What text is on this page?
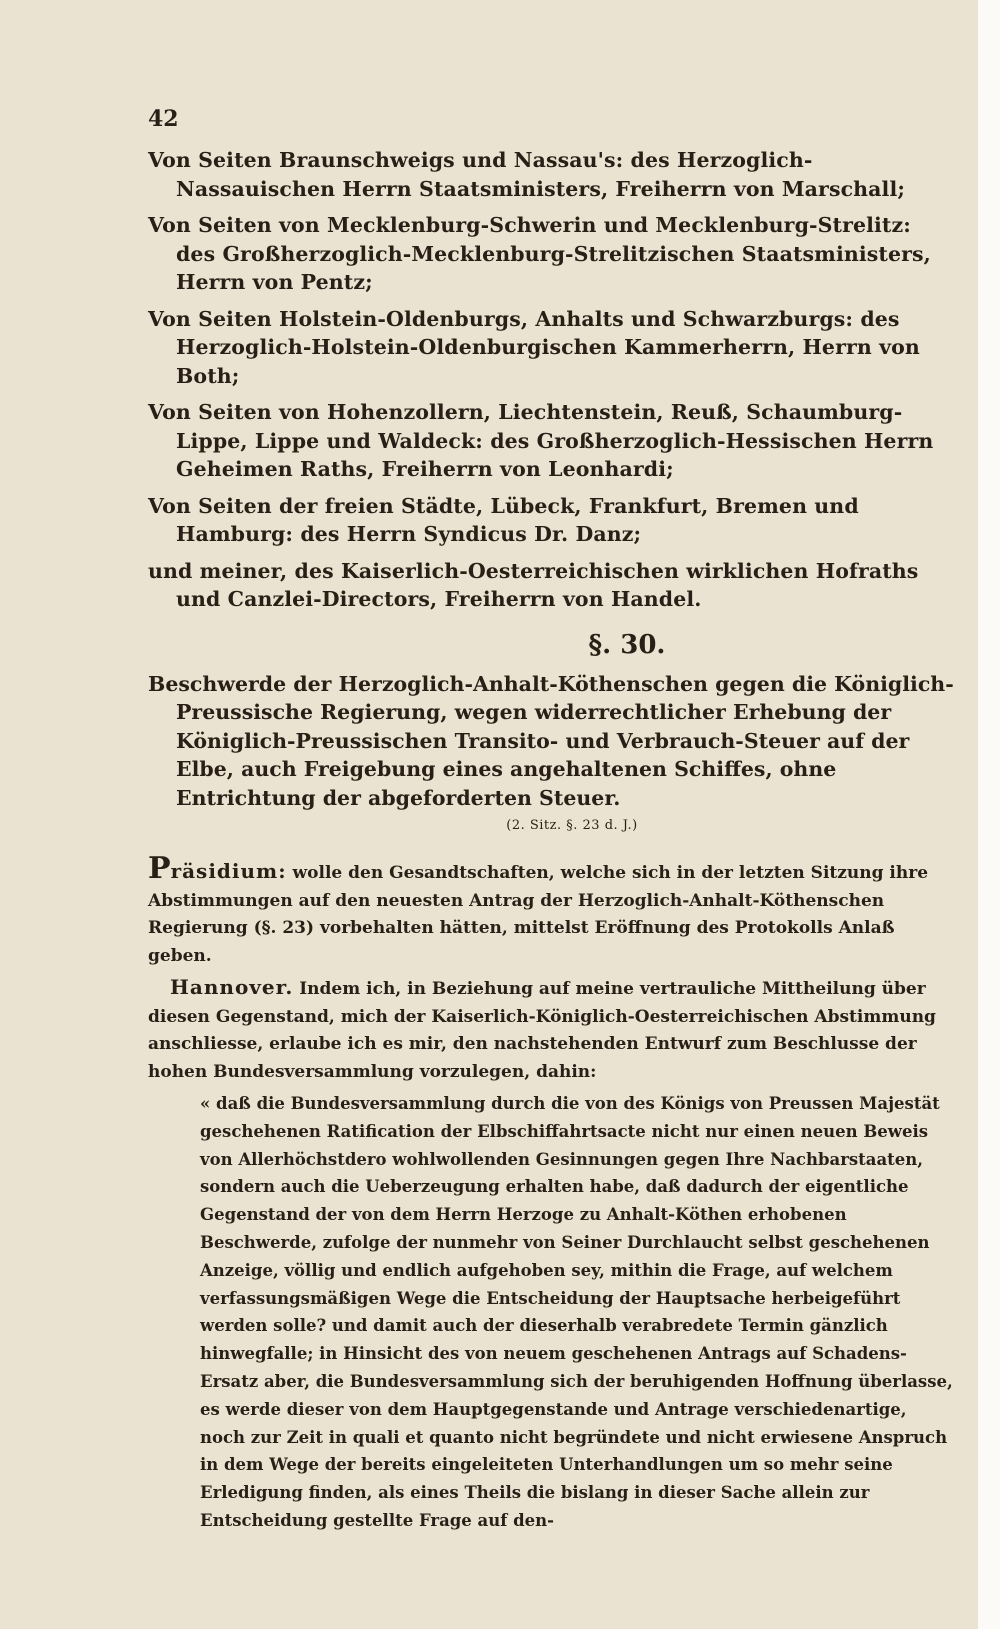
42

Von Seiten Braunschweigs und Nassau's: des Herzoglich-Nassauischen Herrn Staatsministers, Freiherrn von Marschall;

Von Seiten von Mecklenburg-Schwerin und Mecklenburg-Strelitz: des Großherzoglich-Mecklenburg-Strelitzischen Staatsministers, Herrn von Pentz;

Von Seiten Holstein-Oldenburgs, Anhalts und Schwarzburgs: des Herzoglich-Holstein-Oldenburgischen Kammerherrn, Herrn von Both;

Von Seiten von Hohenzollern, Liechtenstein, Reuß, Schaumburg-Lippe, Lippe und Waldeck: des Großherzoglich-Hessischen Herrn Geheimen Raths, Freiherrn von Leonhardi;

Von Seiten der freien Städte, Lübeck, Frankfurt, Bremen und Hamburg: des Herrn Syndicus Dr. Danz;

und meiner, des Kaiserlich-Oesterreichischen wirklichen Hofraths und Canzlei-Directors, Freiherrn von Handel.

§. 30.

Beschwerde der Herzoglich-Anhalt-Köthenschen gegen die Königlich-Preussische Regierung, wegen widerrechtlicher Erhebung der Königlich-Preussischen Transito- und Verbrauch-Steuer auf der Elbe, auch Freigebung eines angehaltenen Schiffes, ohne Entrichtung der abgeforderten Steuer.

(2. Sitz. §. 23 d. J.)

Präsidium: wolle den Gesandtschaften, welche sich in der letzten Sitzung ihre Abstimmungen auf den neuesten Antrag der Herzoglich-Anhalt-Köthenschen Regierung (§. 23) vorbehalten hätten, mittelst Eröffnung des Protokolls Anlaß geben.

Hannover. Indem ich, in Beziehung auf meine vertrauliche Mittheilung über diesen Gegenstand, mich der Kaiserlich-Königlich-Oesterreichischen Abstimmung anschliesse, erlaube ich es mir, den nachstehenden Entwurf zum Beschlusse der hohen Bundesversammlung vorzulegen, dahin:

« daß die Bundesversammlung durch die von des Königs von Preussen Majestät geschehenen Ratification der Elbschiffahrtsacte nicht nur einen neuen Beweis von Allerhöchstdero wohlwollenden Gesinnungen gegen Ihre Nachbarstaaten, sondern auch die Ueberzeugung erhalten habe, daß dadurch der eigentliche Gegenstand der von dem Herrn Herzoge zu Anhalt-Köthen erhobenen Beschwerde, zufolge der nunmehr von Seiner Durchlaucht selbst geschehenen Anzeige, völlig und endlich aufgehoben sey, mithin die Frage, auf welchem verfassungsmäßigen Wege die Entscheidung der Hauptsache herbeigeführt werden solle? und damit auch der dieserhalb verabredete Termin gänzlich hinwegfalle; in Hinsicht des von neuem geschehenen Antrags auf Schadens-Ersatz aber, die Bundesversammlung sich der beruhigenden Hoffnung überlasse, es werde dieser von dem Hauptgegenstande und Antrage verschiedenartige, noch zur Zeit in quali et quanto nicht begründete und nicht erwiesene Anspruch in dem Wege der bereits eingeleiteten Unterhandlungen um so mehr seine Erledigung finden, als eines Theils die bislang in dieser Sache allein zur Entscheidung gestellte Frage auf den-
